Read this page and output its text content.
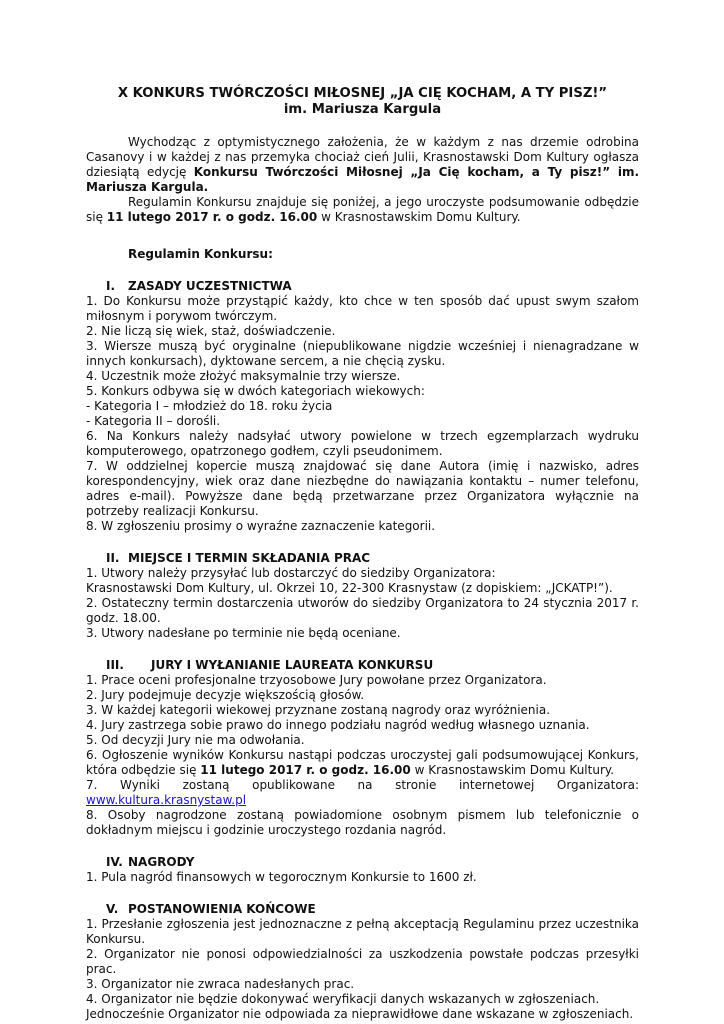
X KONKURS TWÓRCZOŚCI MIŁOSNEJ „JA CIĘ KOCHAM, A TY PISZ!”
im. Mariusza Kargula

Wychodząc z optymistycznego założenia, że w każdym z nas drzemie odrobina Casanovy i w każdej z nas przemyka chociaż cień Julii, Krasnostawski Dom Kultury ogłasza dziesiątą edycję Konkursu Twórczości Miłosnej „Ja Cię kocham, a Ty pisz!” im. Mariusza Kargula.

Regulamin Konkursu znajduje się poniżej, a jego uroczyste podsumowanie odbędzie się 11 lutego 2017 r. o godz. 16.00 w Krasnostawskim Domu Kultury.

Regulamin Konkursu:
I. ZASADY UCZESTNICTWA

1. Do Konkursu może przystąpić każdy, kto chce w ten sposób dać upust swym szałom miłosnym i porywom twórczym.

2. Nie liczą się wiek, staż, doświadczenie.

3. Wiersze muszą być oryginalne (niepublikowane nigdzie wcześniej i nienagradzane w innych konkursach), dyktowane sercem, a nie chęcią zysku.

4. Uczestnik może złożyć maksymalnie trzy wiersze.

5. Konkurs odbywa się w dwóch kategoriach wiekowych:

- Kategoria I – młodzież do 18. roku życia

- Kategoria II – dorośli.

6. Na Konkurs należy nadsyłać utwory powielone w trzech egzemplarzach wydruku komputerowego, opatrzonego godłem, czyli pseudonimem.

7. W oddzielnej kopercie muszą znajdować się dane Autora (imię i nazwisko, adres korespondencyjny, wiek oraz dane niezbędne do nawiązania kontaktu – numer telefonu, adres e-mail). Powyższe dane będą przetwarzane przez Organizatora wyłącznie na potrzeby realizacji Konkursu.

8. W zgłoszeniu prosimy o wyraźne zaznaczenie kategorii.

II. MIEJSCE I TERMIN SKŁADANIA PRAC

1. Utwory należy przysyłać lub dostarczyć do siedziby Organizatora:

Krasnostawski Dom Kultury, ul. Okrzei 10, 22-300 Krasnystaw (z dopiskiem: „JCKATP!”).

2. Ostateczny termin dostarczenia utworów do siedziby Organizatora to 24 stycznia 2017 r. godz. 18.00.

3. Utwory nadesłane po terminie nie będą oceniane.

III. JURY I WYŁANIANIE LAUREATA KONKURSU

1. Prace oceni profesjonalne trzyosobowe Jury powołane przez Organizatora.

2. Jury podejmuje decyzje większością głosów.

3. W każdej kategorii wiekowej przyznane zostaną nagrody oraz wyróżnienia.

4. Jury zastrzega sobie prawo do innego podziału nagród według własnego uznania.

5. Od decyzji Jury nie ma odwołania.

6. Ogłoszenie wyników Konkursu nastąpi podczas uroczystej gali podsumowującej Konkurs, która odbędzie się 11 lutego 2017 r. o godz. 16.00 w Krasnostawskim Domu Kultury.

7. Wyniki zostaną opublikowane na stronie internetowej Organizatora: www.kultura.krasnystaw.pl

8. Osoby nagrodzone zostaną powiadomione osobnym pismem lub telefonicznie o dokładnym miejscu i godzinie uroczystego rozdania nagród.

IV. NAGRODY

1. Pula nagród finansowych w tegorocznym Konkursie to 1600 zł.

V. POSTANOWIENIA KOŃCOWE

1. Przesłanie zgłoszenia jest jednoznaczne z pełną akceptacją Regulaminu przez uczestnika Konkursu.

2. Organizator nie ponosi odpowiedzialności za uszkodzenia powstałe podczas przesyłki prac.

3. Organizator nie zwraca nadesłanych prac.

4. Organizator nie będzie dokonywać weryfikacji danych wskazanych w zgłoszeniach.

Jednocześnie Organizator nie odpowiada za nieprawidłowe dane wskazane w zgłoszeniach.
